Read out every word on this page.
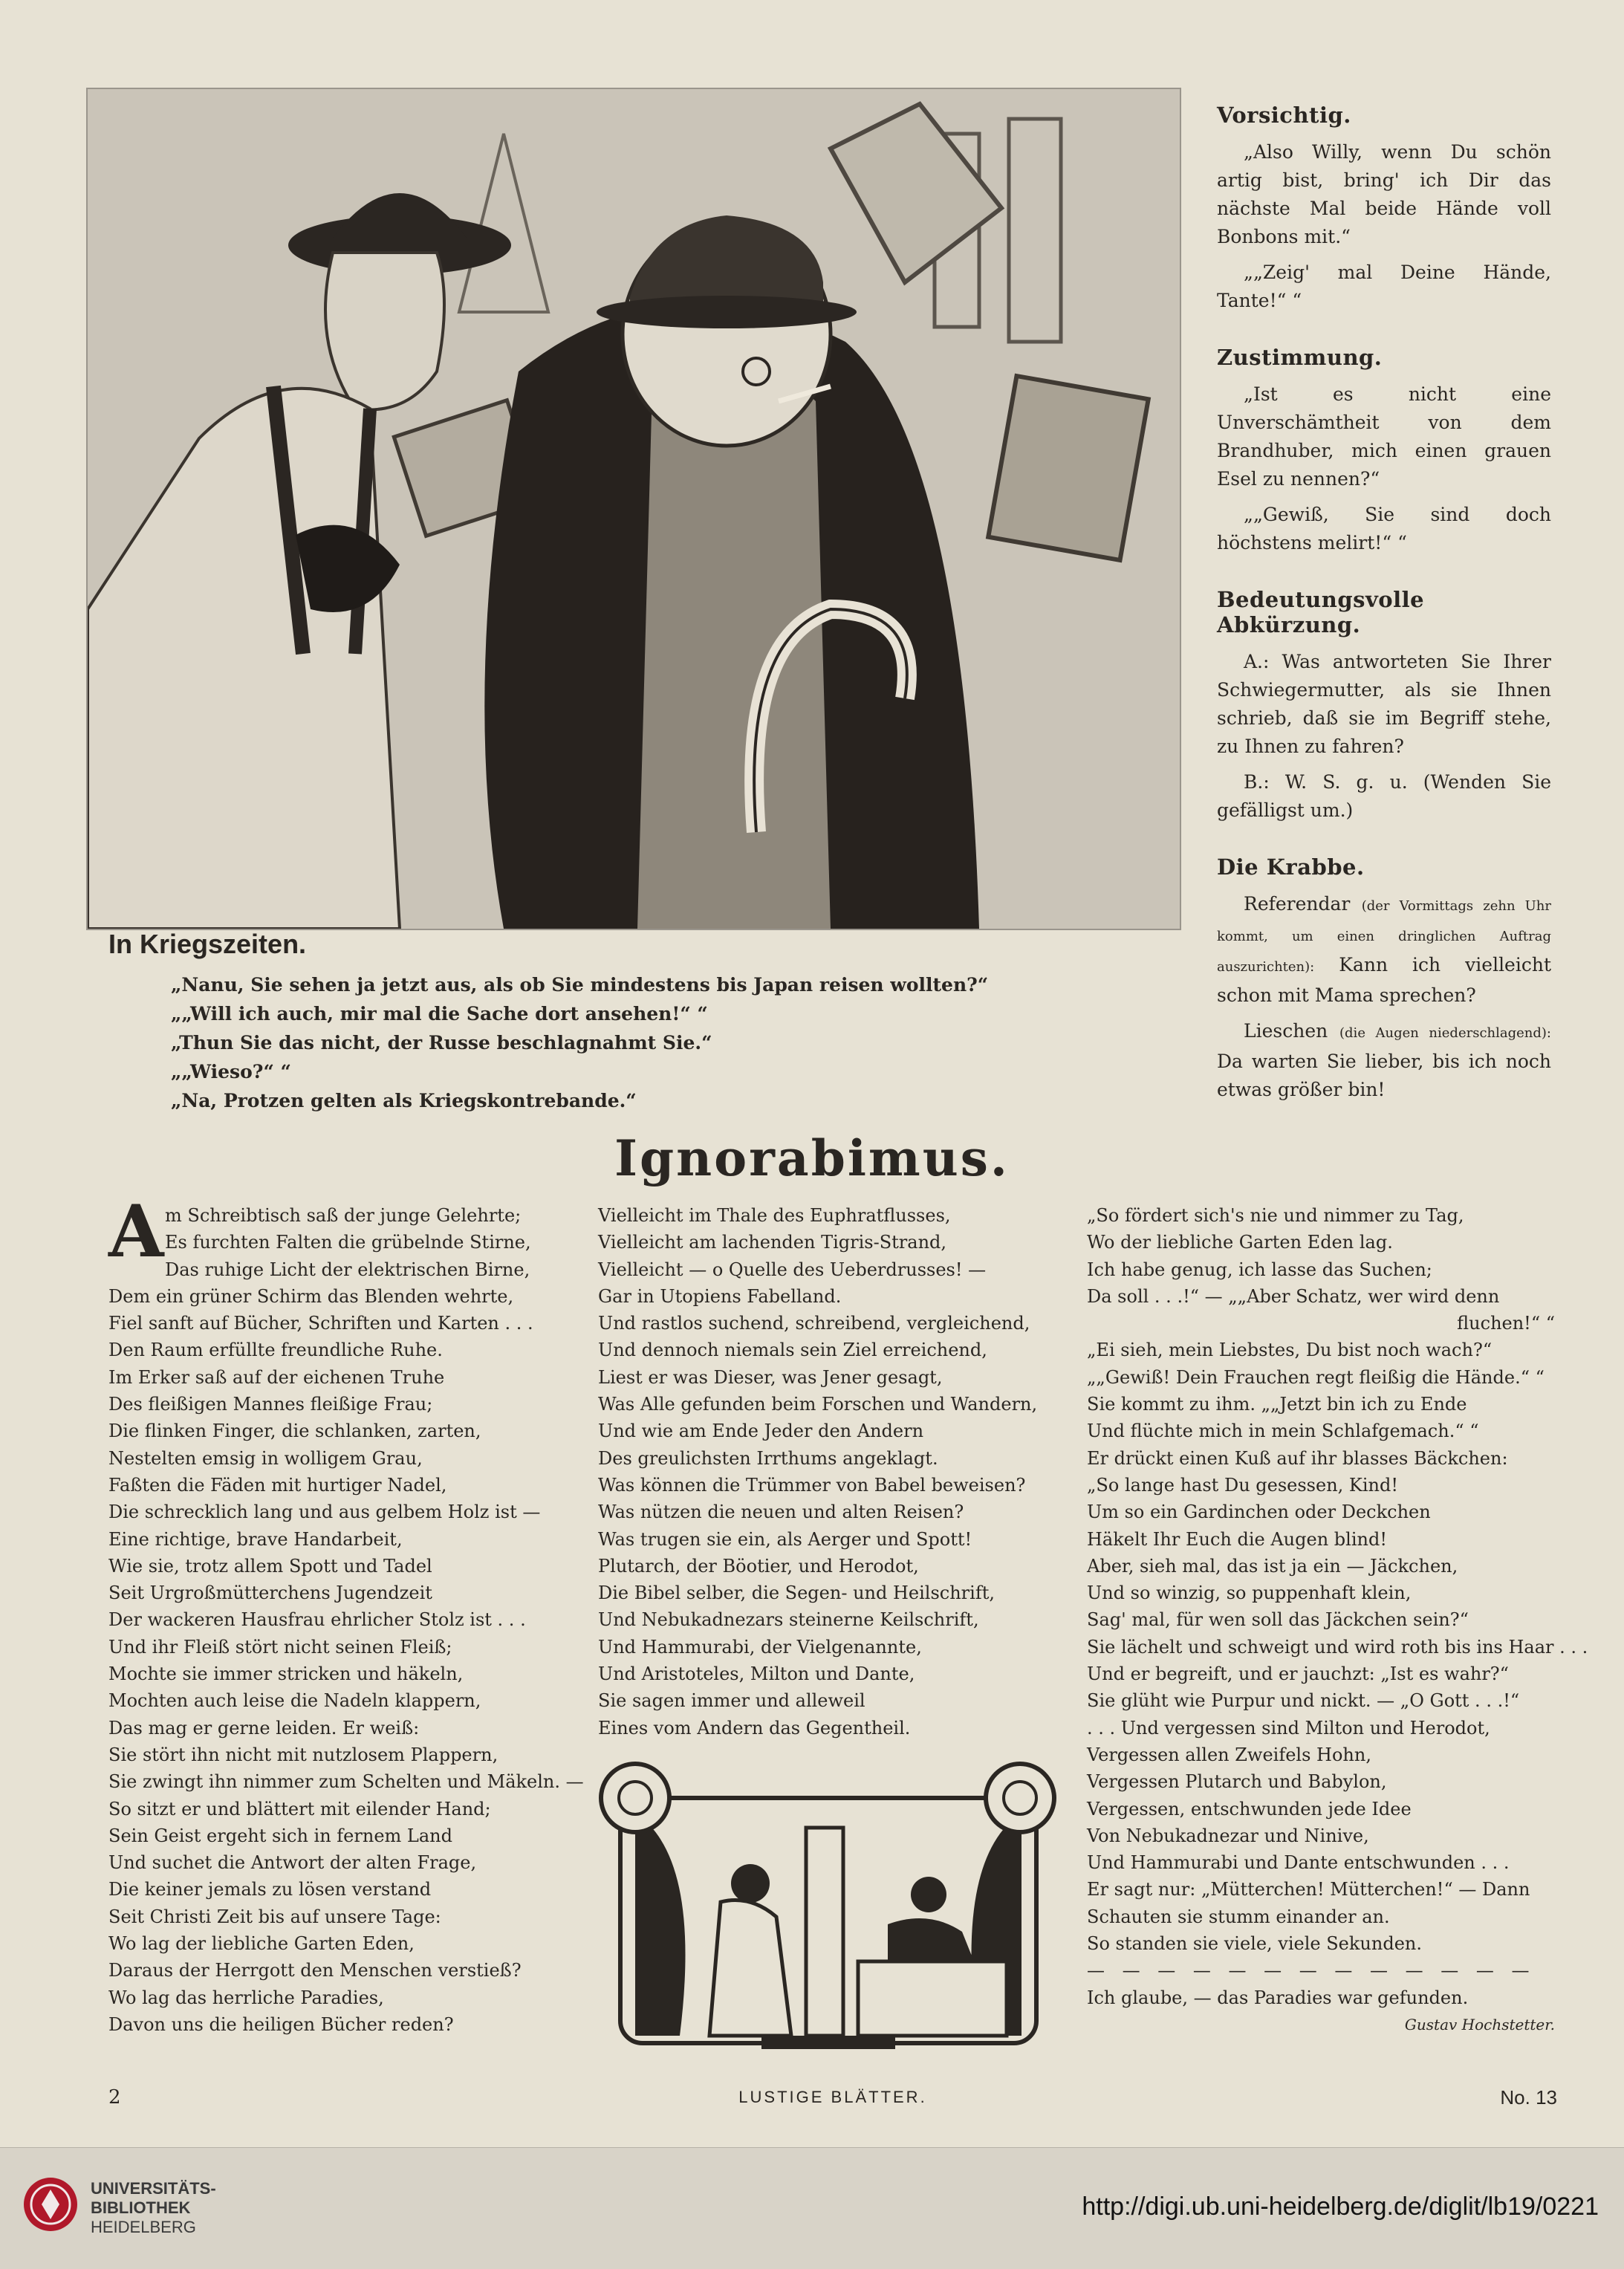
Vorsichtig.

„Also Willy, wenn Du schön artig bist, bring' ich Dir das nächste Mal beide Hände voll Bonbons mit.“

„„Zeig' mal Deine Hände, Tante!“ “

Zustimmung.

„Ist es nicht eine Unverschämtheit von dem Brandhuber, mich einen grauen Esel zu nennen?“

„„Gewiß, Sie sind doch höchstens melirt!“ “

Bedeutungsvolle Abkürzung.

A.: Was antworteten Sie Ihrer Schwiegermutter, als sie Ihnen schrieb, daß sie im Begriff stehe, zu Ihnen zu fahren?

B.: W. S. g. u. (Wenden Sie gefälligst um.)

Die Krabbe.

Referendar (der Vormittags zehn Uhr kommt, um einen dringlichen Auftrag auszurichten): Kann ich vielleicht schon mit Mama sprechen?

Lieschen (die Augen niederschlagend): Da warten Sie lieber, bis ich noch etwas größer bin!

In Kriegszeiten.

„Nanu, Sie sehen ja jetzt aus, als ob Sie mindestens bis Japan reisen wollten?“

„„Will ich auch, mir mal die Sache dort ansehen!“ “

„Thun Sie das nicht, der Russe beschlagnahmt Sie.“

„„Wieso?“ “

„Na, Protzen gelten als Kriegskontrebande.“

Ignorabimus.
A m Schreibtisch saß der junge Gelehrte;
Es furchten Falten die grübelnde Stirne,
Das ruhige Licht der elektrischen Birne,
Dem ein grüner Schirm das Blenden wehrte,
Fiel sanft auf Bücher, Schriften und Karten . . .
Den Raum erfüllte freundliche Ruhe.
Im Erker saß auf der eichenen Truhe
Des fleißigen Mannes fleißige Frau;
Die flinken Finger, die schlanken, zarten,
Nestelten emsig in wolligem Grau,
Faßten die Fäden mit hurtiger Nadel,
Die schrecklich lang und aus gelbem Holz ist —
Eine richtige, brave Handarbeit,
Wie sie, trotz allem Spott und Tadel
Seit Urgroßmütterchens Jugendzeit
Der wackeren Hausfrau ehrlicher Stolz ist . . .
Und ihr Fleiß stört nicht seinen Fleiß;
Mochte sie immer stricken und häkeln,
Mochten auch leise die Nadeln klappern,
Das mag er gerne leiden. Er weiß:
Sie stört ihn nicht mit nutzlosem Plappern,
Sie zwingt ihn nimmer zum Schelten und Mäkeln. —
So sitzt er und blättert mit eilender Hand;
Sein Geist ergeht sich in fernem Land
Und suchet die Antwort der alten Frage,
Die keiner jemals zu lösen verstand
Seit Christi Zeit bis auf unsere Tage:
Wo lag der liebliche Garten Eden,
Daraus der Herrgott den Menschen verstieß?
Wo lag das herrliche Paradies,
Davon uns die heiligen Bücher reden?
Vielleicht im Thale des Euphratflusses,
Vielleicht am lachenden Tigris-Strand,
Vielleicht — o Quelle des Ueberdrusses! —
Gar in Utopiens Fabelland.
Und rastlos suchend, schreibend, vergleichend,
Und dennoch niemals sein Ziel erreichend,
Liest er was Dieser, was Jener gesagt,
Was Alle gefunden beim Forschen und Wandern,
Und wie am Ende Jeder den Andern
Des greulichsten Irrthums angeklagt.
Was können die Trümmer von Babel beweisen?
Was nützen die neuen und alten Reisen?
Was trugen sie ein, als Aerger und Spott!
Plutarch, der Böotier, und Herodot,
Die Bibel selber, die Segen- und Heilschrift,
Und Nebukadnezars steinerne Keilschrift,
Und Hammurabi, der Vielgenannte,
Und Aristoteles, Milton und Dante,
Sie sagen immer und alleweil
Eines vom Andern das Gegentheil.
„So fördert sich's nie und nimmer zu Tag,
Wo der liebliche Garten Eden lag.
Ich habe genug, ich lasse das Suchen;
Da soll . . .!“ — „„Aber Schatz, wer wird denn
fluchen!“ “
„Ei sieh, mein Liebstes, Du bist noch wach?“
„„Gewiß! Dein Frauchen regt fleißig die Hände.“ “
Sie kommt zu ihm. „„Jetzt bin ich zu Ende
Und flüchte mich in mein Schlafgemach.“ “
Er drückt einen Kuß auf ihr blasses Bäckchen:
„So lange hast Du gesessen, Kind!
Um so ein Gardinchen oder Deckchen
Häkelt Ihr Euch die Augen blind!
Aber, sieh mal, das ist ja ein — Jäckchen,
Und so winzig, so puppenhaft klein,
Sag' mal, für wen soll das Jäckchen sein?“
Sie lächelt und schweigt und wird roth bis ins Haar . . .
Und er begreift, und er jauchzt: „Ist es wahr?“
Sie glüht wie Purpur und nickt. — „O Gott . . .!“
. . . Und vergessen sind Milton und Herodot,
Vergessen allen Zweifels Hohn,
Vergessen Plutarch und Babylon,
Vergessen, entschwunden jede Idee
Von Nebukadnezar und Ninive,
Und Hammurabi und Dante entschwunden . . .
Er sagt nur: „Mütterchen! Mütterchen!“ — Dann
Schauten sie stumm einander an.
So standen sie viele, viele Sekunden.
— — — — — — — — — — — — —
Ich glaube, — das Paradies war gefunden.
Gustav Hochstetter.
2	LUSTIGE BLÄTTER.	No. 13
UNIVERSITÄTS-
BIBLIOTHEK
HEIDELBERG
http://digi.ub.uni-heidelberg.de/diglit/lb19/0221
